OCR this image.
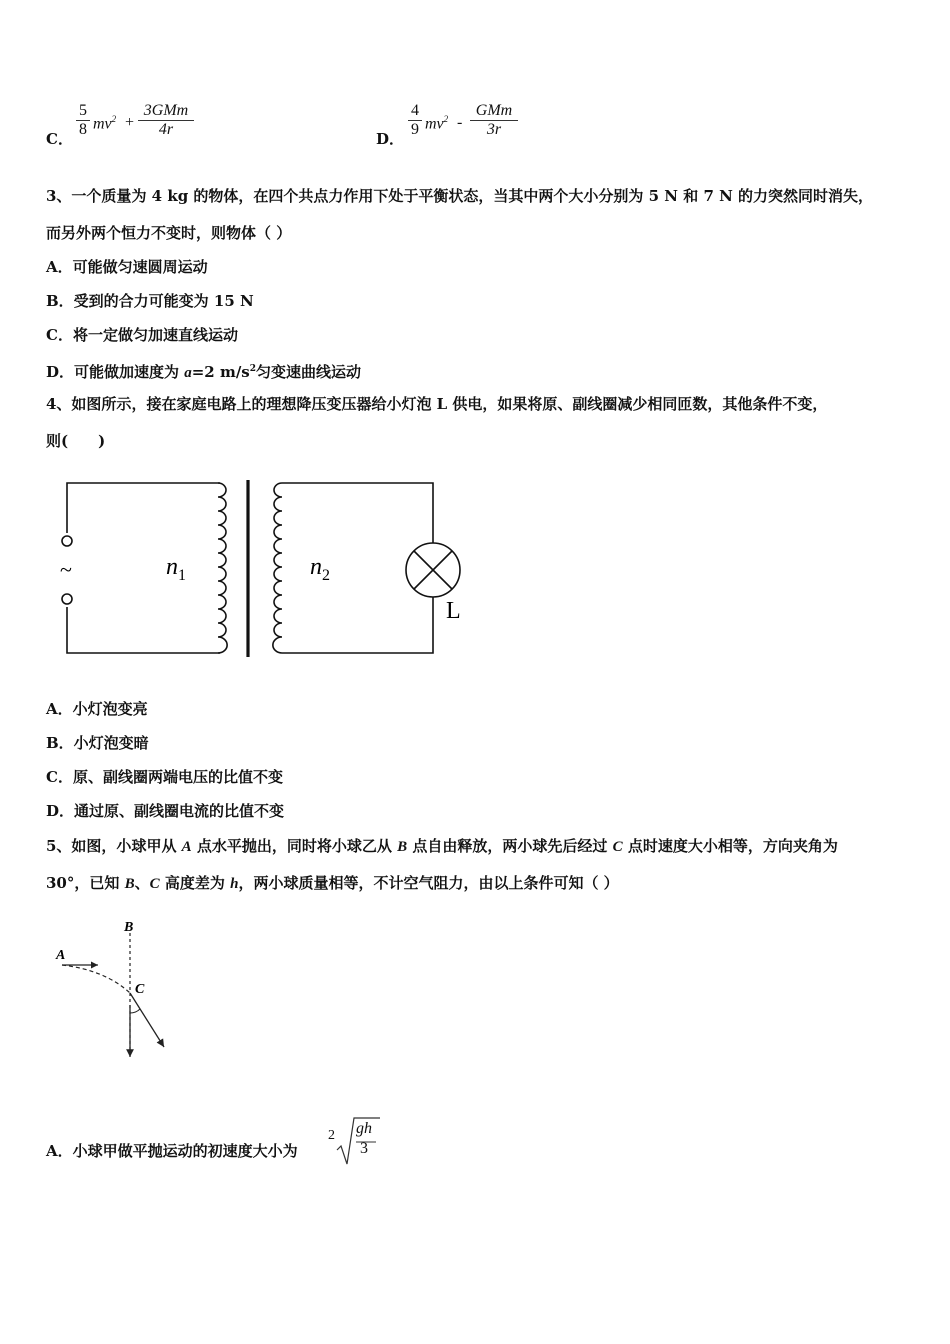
C． $\frac{5}{8} mv^2$ +
3GMm
4r
D． $\frac{4}{9} mv^2$ -
GMm
3r
3、一个质量为 4 kg 的物体，在四个共点力作用下处于平衡状态，当其中两个大小分别为 5 N 和 7 N 的力突然同时消失，
而另外两个恒力不变时，则物体（ ）
A．可能做匀速圆周运动
B．受到的合力可能变为 15 N
C．将一定做匀加速直线运动
D．可能做加速度为 a=2 $m/s^2$匀变速曲线运动
4、如图所示，接在家庭电路上的理想降压变压器给小灯泡 L 供电，如果将原、副线圈减少相同匝数，其他条件不变，
则(　　)
~	$n_1$	$n_2$
L
A．小灯泡变亮
B．小灯泡变暗
C．原、副线圈两端电压的比值不变
D．通过原、副线圈电流的比值不变
5、如图，小球甲从 A 点水平抛出，同时将小球乙从 B 点自由释放，两小球先后经过 C 点时速度大小相等，方向夹角为
30°，已知 B、C 高度差为 h，两小球质量相等，不计空气阻力，由以上条件可知（ ）
B
A
C
A．小球甲做平抛运动的初速度大小为
2 gh
3
